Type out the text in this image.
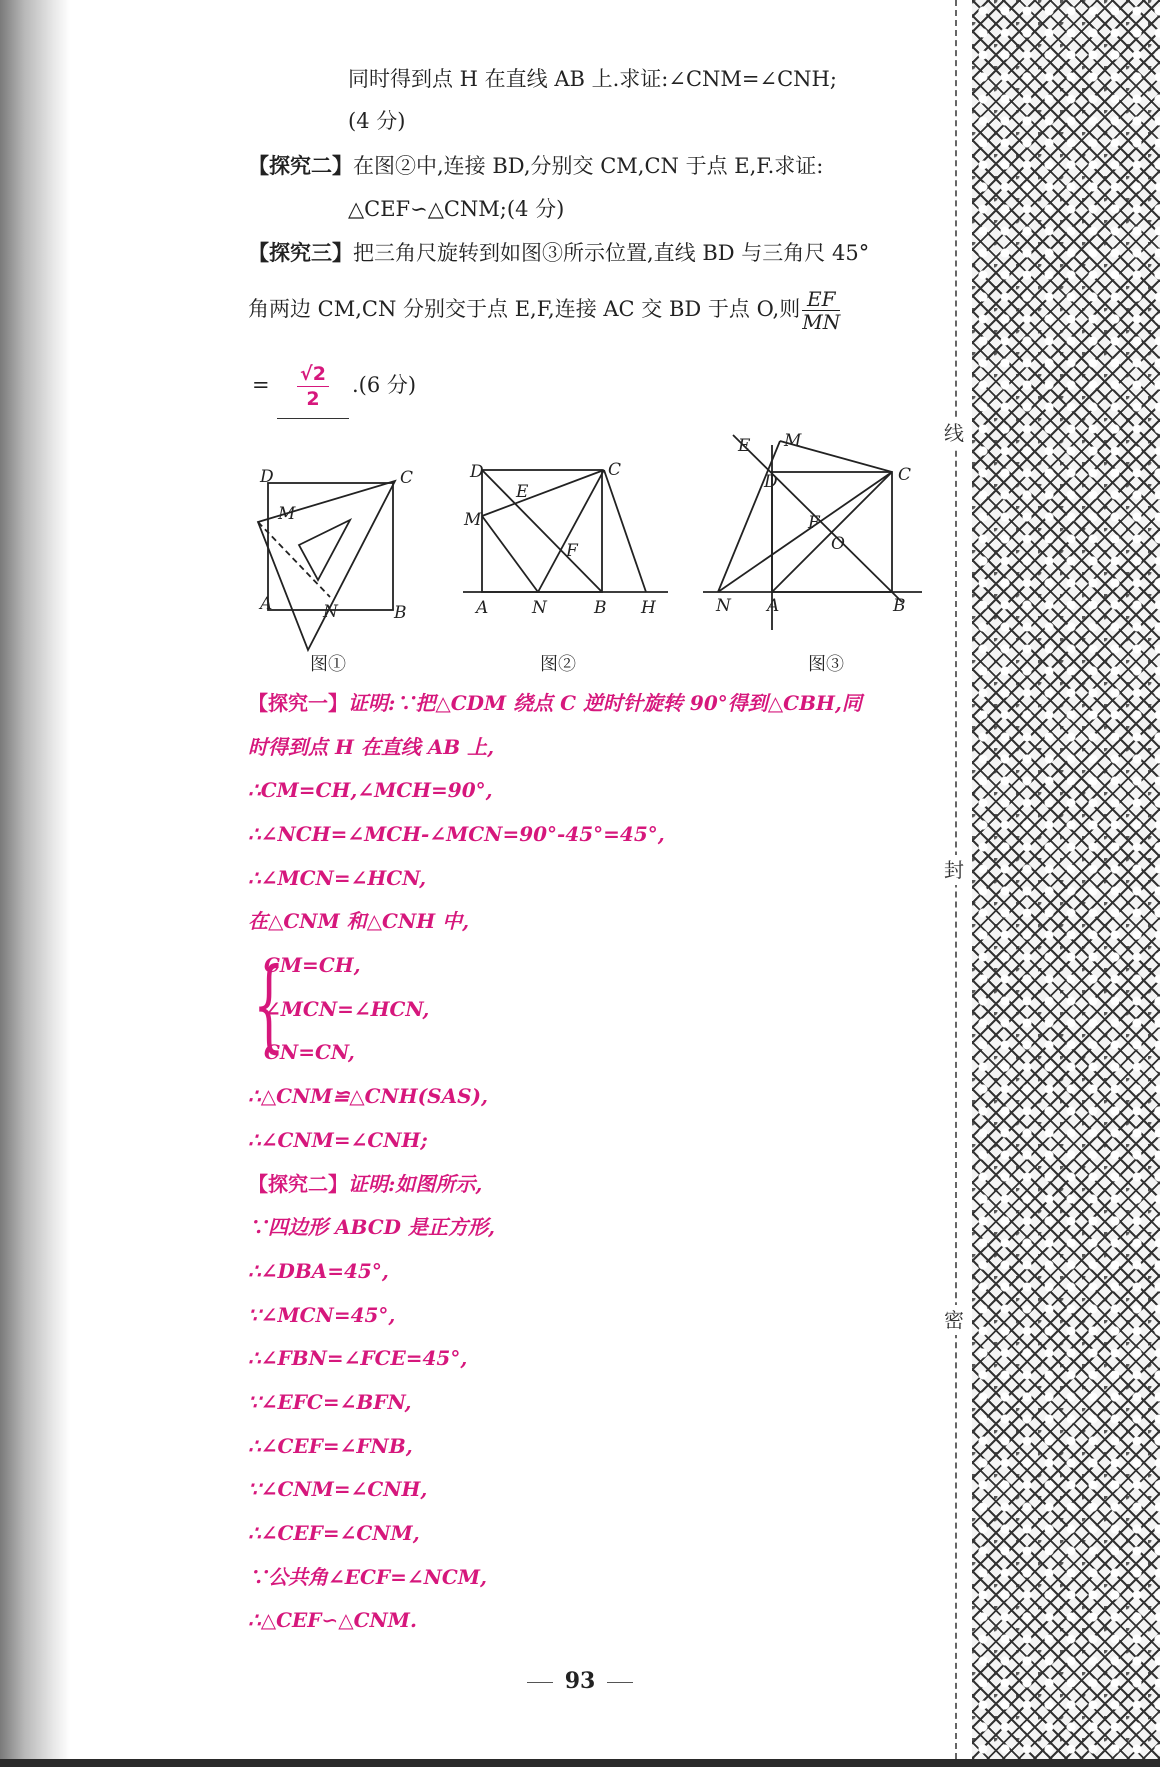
线
封
密
同时得到点 H 在直线 AB 上.求证:∠CNM=∠CNH;
(4 分)
【探究二】在图②中,连接 BD,分别交 CM,CN 于点 E,F.求证:
△CEF∽△CNM;(4 分)
【探究三】把三角尺旋转到如图③所示位置,直线 BD 与三角尺 45°
角两边 CM,CN 分别交于点 E,F,连接 AC 交 BD 于点 O,则 $\frac{EF}{MN}$
= $\frac{√2}{2} .(6$ 分)
D	C
M
A	N	B
D	C
E
M
F
A	N	B H
E M
D	C
F
O
N A	B
图①	图②	图③
【探究一】证明:∵把△CDM 绕点 C 逆时针旋转 90°得到△CBH,同
时得到点 H 在直线 AB 上,
∴CM=CH,∠MCH=90°,
∴∠NCH=∠MCH-∠MCN=90°-45°=45°,
∴∠MCN=∠HCN,
在△CNM 和△CNH 中,
{
CM=CH,
∠MCN=∠HCN,
CN=CN,
∴△CNM≌△CNH(SAS),
∴∠CNM=∠CNH;
【探究二】证明:如图所示,
∵四边形 ABCD 是正方形,
∴∠DBA=45°,
∵∠MCN=45°,
∴∠FBN=∠FCE=45°,
∵∠EFC=∠BFN,
∴∠CEF=∠FNB,
∵∠CNM=∠CNH,
∴∠CEF=∠CNM,
∵公共角∠ECF=∠NCM,
∴△CEF∽△CNM.
93
